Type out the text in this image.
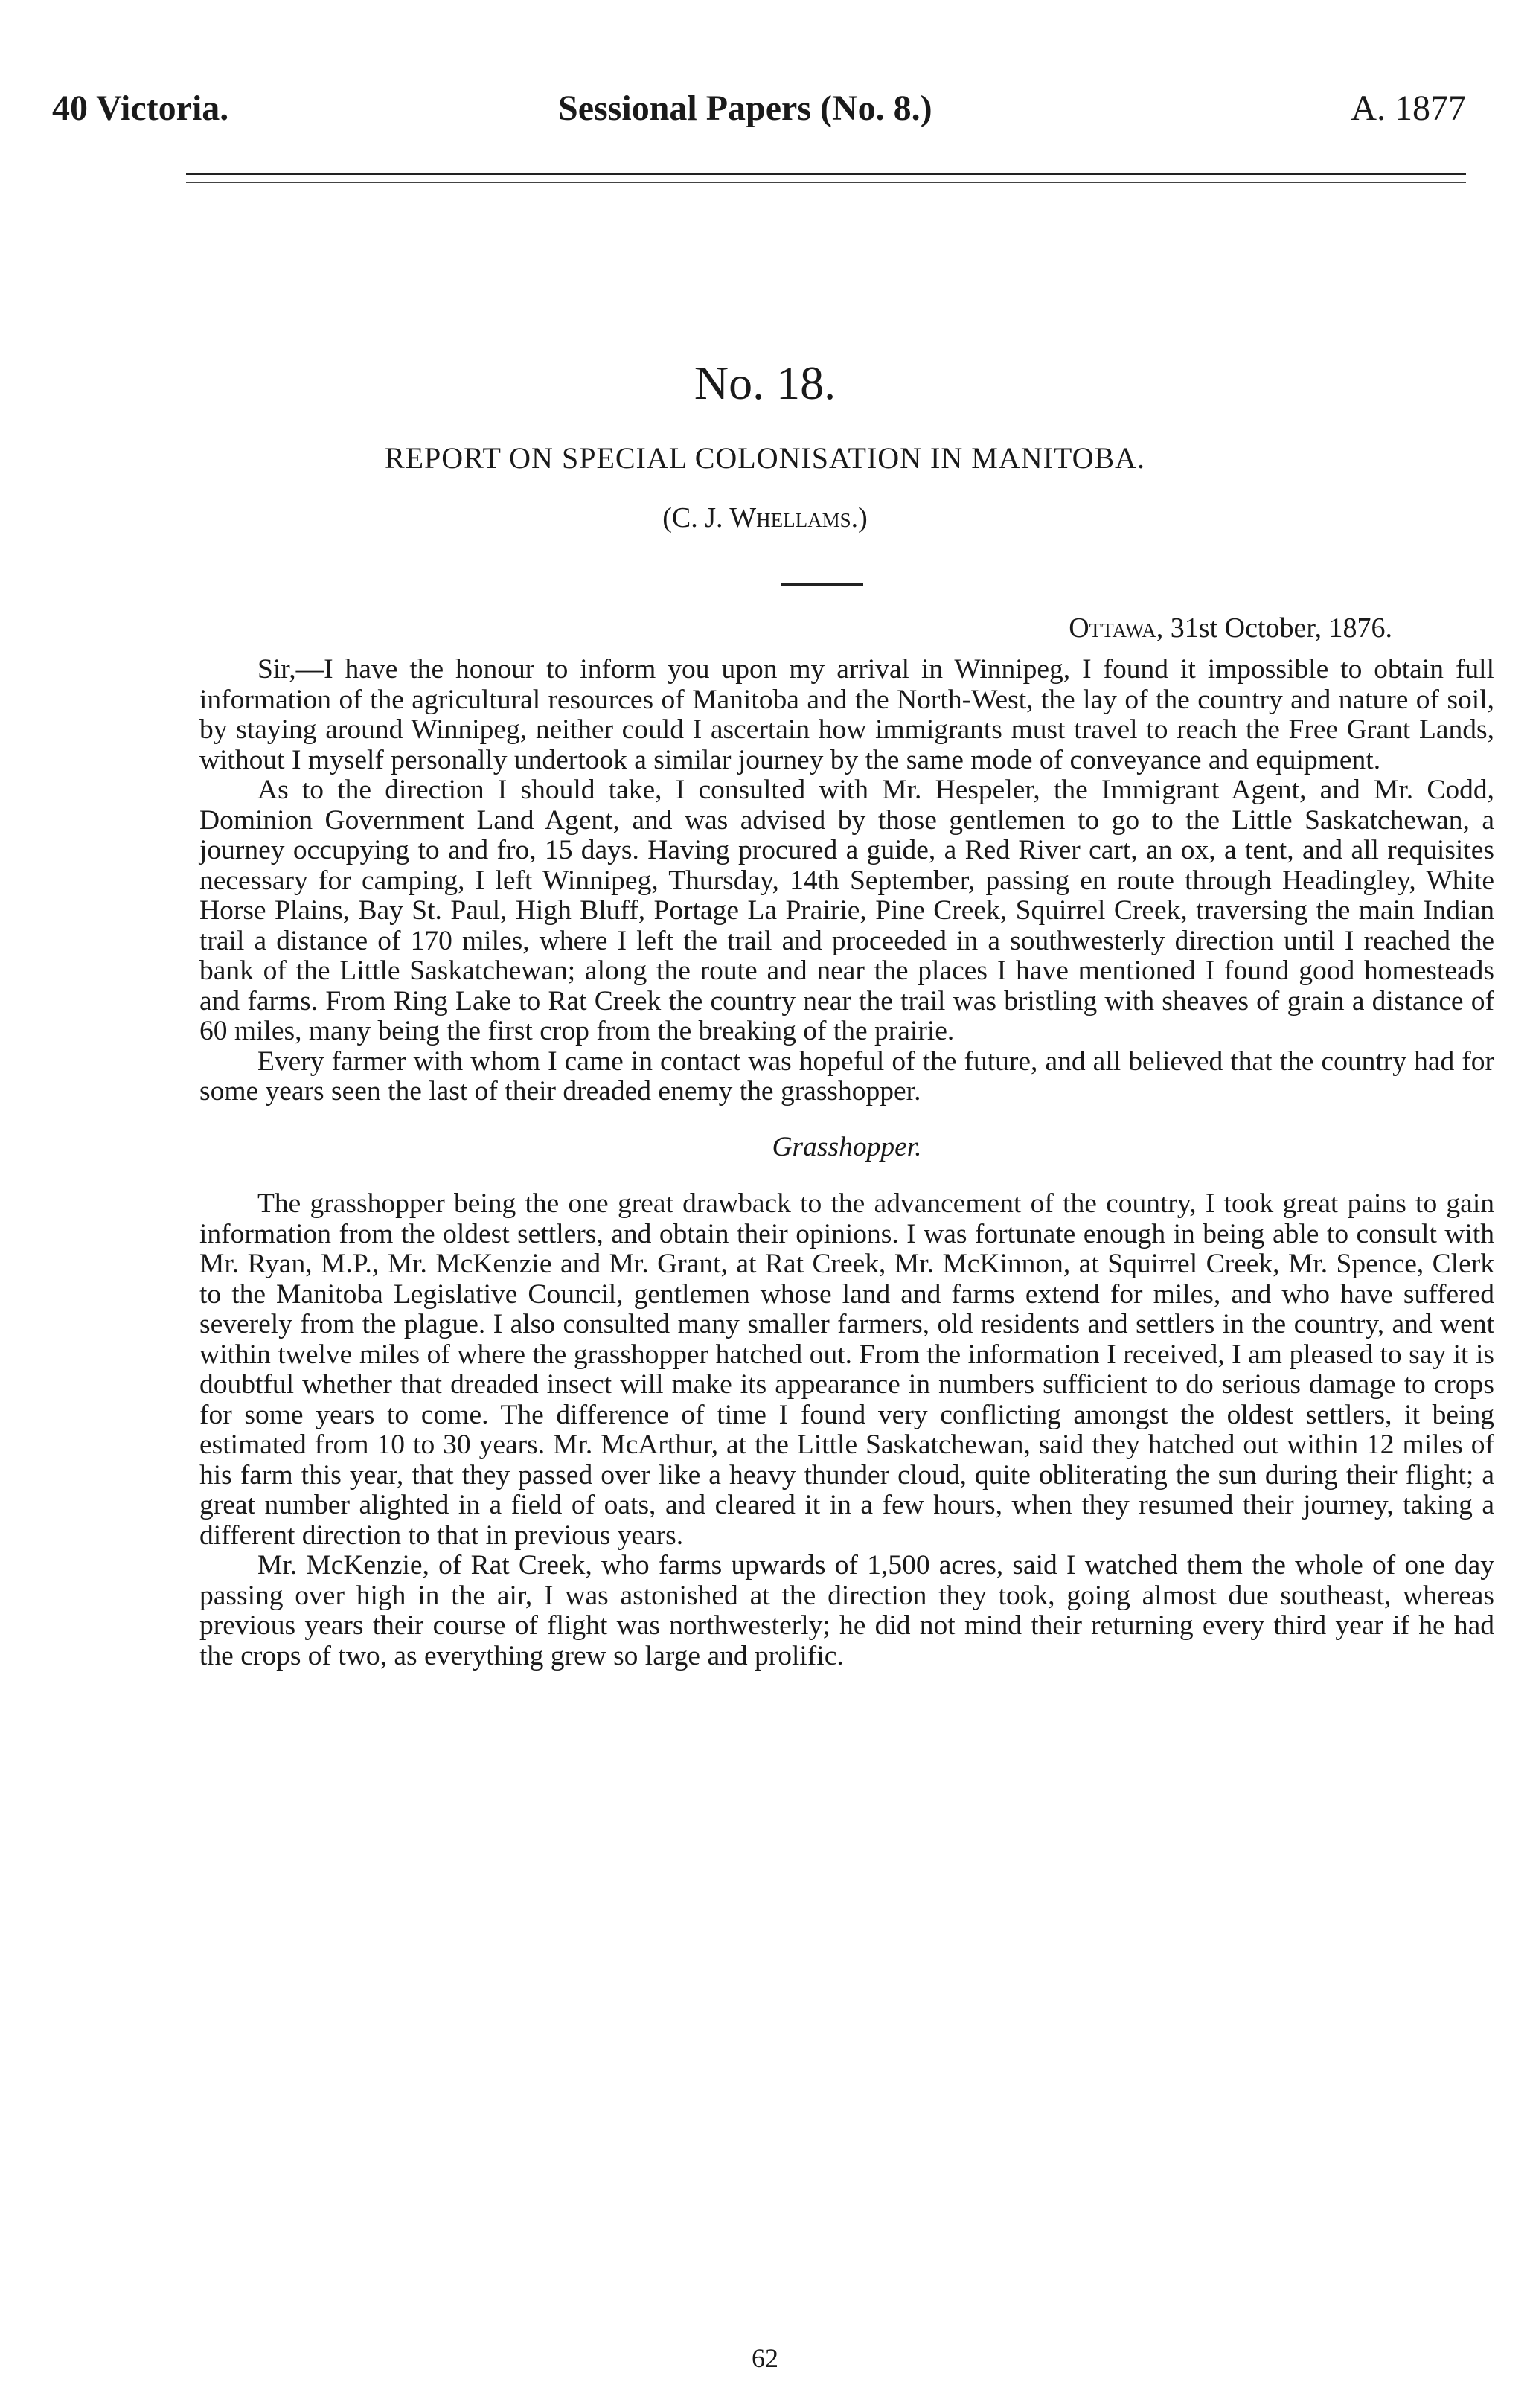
40 Victoria.	Sessional Papers (No. 8.)	A. 1877
No. 18.
REPORT ON SPECIAL COLONISATION IN MANITOBA.
(C. J. Whellams.)
Ottawa, 31st October, 1876.

Sir,—I have the honour to inform you upon my arrival in Winnipeg, I found it impossible to obtain full information of the agricultural resources of Manitoba and the North-West, the lay of the country and nature of soil, by staying around Winnipeg, neither could I ascertain how immigrants must travel to reach the Free Grant Lands, without I myself personally undertook a similar journey by the same mode of conveyance and equipment.

As to the direction I should take, I consulted with Mr. Hespeler, the Immigrant Agent, and Mr. Codd, Dominion Government Land Agent, and was advised by those gentlemen to go to the Little Saskatchewan, a journey occupying to and fro, 15 days. Having procured a guide, a Red River cart, an ox, a tent, and all requisites necessary for camping, I left Winnipeg, Thursday, 14th September, passing en route through Headingley, White Horse Plains, Bay St. Paul, High Bluff, Portage La Prairie, Pine Creek, Squirrel Creek, traversing the main Indian trail a distance of 170 miles, where I left the trail and proceeded in a southwesterly direction until I reached the bank of the Little Saskatchewan; along the route and near the places I have mentioned I found good homesteads and farms. From Ring Lake to Rat Creek the country near the trail was bristling with sheaves of grain a distance of 60 miles, many being the first crop from the breaking of the prairie.

Every farmer with whom I came in contact was hopeful of the future, and all believed that the country had for some years seen the last of their dreaded enemy the grasshopper.

Grasshopper.

The grasshopper being the one great drawback to the advancement of the country, I took great pains to gain information from the oldest settlers, and obtain their opinions. I was fortunate enough in being able to consult with Mr. Ryan, M.P., Mr. McKenzie and Mr. Grant, at Rat Creek, Mr. McKinnon, at Squirrel Creek, Mr. Spence, Clerk to the Manitoba Legislative Council, gentlemen whose land and farms extend for miles, and who have suffered severely from the plague. I also consulted many smaller farmers, old residents and settlers in the country, and went within twelve miles of where the grasshopper hatched out. From the information I received, I am pleased to say it is doubtful whether that dreaded insect will make its appearance in numbers sufficient to do serious damage to crops for some years to come. The difference of time I found very conflicting amongst the oldest settlers, it being estimated from 10 to 30 years. Mr. McArthur, at the Little Saskatchewan, said they hatched out within 12 miles of his farm this year, that they passed over like a heavy thunder cloud, quite obliterating the sun during their flight; a great number alighted in a field of oats, and cleared it in a few hours, when they resumed their journey, taking a different direction to that in previous years.

Mr. McKenzie, of Rat Creek, who farms upwards of 1,500 acres, said I watched them the whole of one day passing over high in the air, I was astonished at the direction they took, going almost due southeast, whereas previous years their course of flight was northwesterly; he did not mind their returning every third year if he had the crops of two, as everything grew so large and prolific.

62
